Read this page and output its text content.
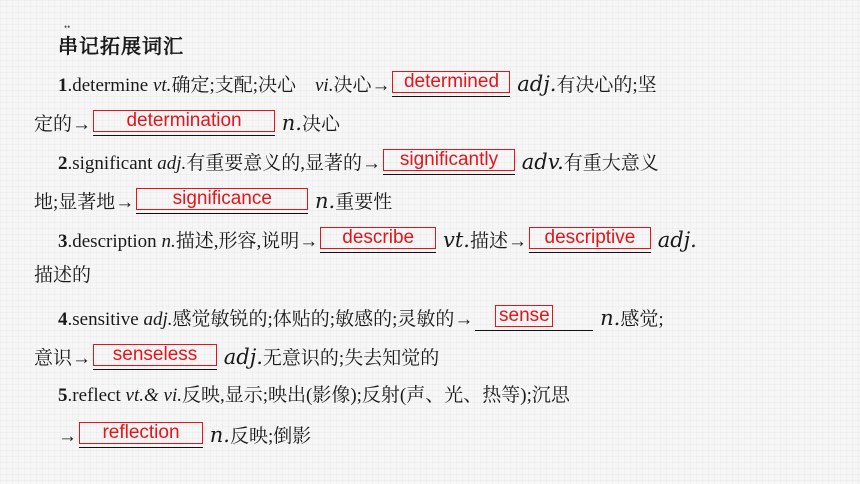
••
串记拓展词汇
1.determine vt.确定;支配;决心 vi.决心→ determined adj.有决心的;坚
定的→	determination	n.决心
2.significant adj.有重要意义的,显著的→ significantly	adv.有重大意义
地;显著地→	significance	n.重要性
3.description n.描述,形容,说明→	describe	vt.描述→ descriptive	adj.
描述的
4.sensitive adj.感觉敏锐的;体贴的;敏感的;灵敏的→ sense n.感觉;
意识→	senseless	adj.无意识的;失去知觉的
5.reflect vt.& vi.反映,显示;映出(影像);反射(声、光、热等);沉思
→	reflection	n.反映;倒影
